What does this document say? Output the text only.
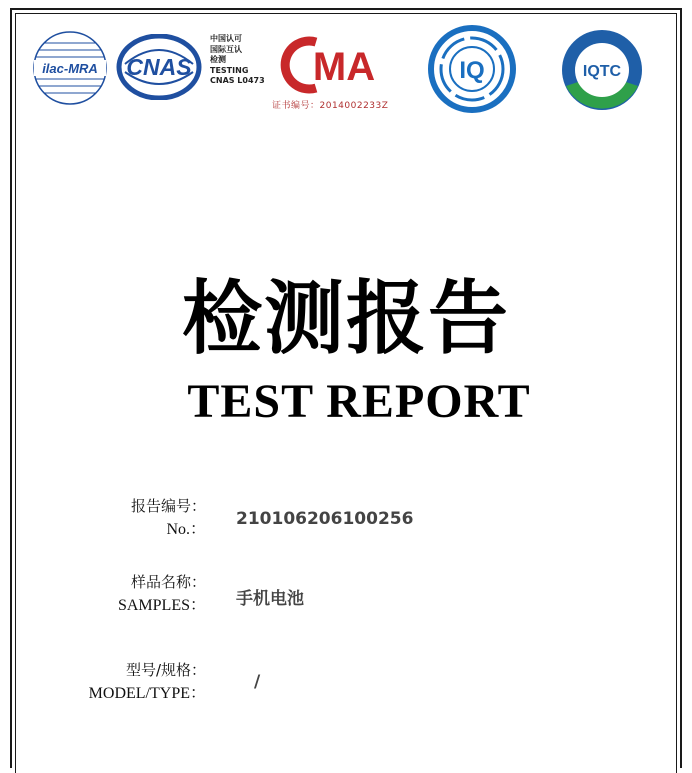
ilac-MRA CNAS
中国认可
国际互认
检测
TESTING
CNAS L0473 MA
证书编号：2014002233Z
IQ	IQTC
检测报告
TEST REPORT
报告编号：
No.：
210106206100256
样品名称：
SAMPLES： 手机电池
型号/规格：
MODEL/TYPE：
/
